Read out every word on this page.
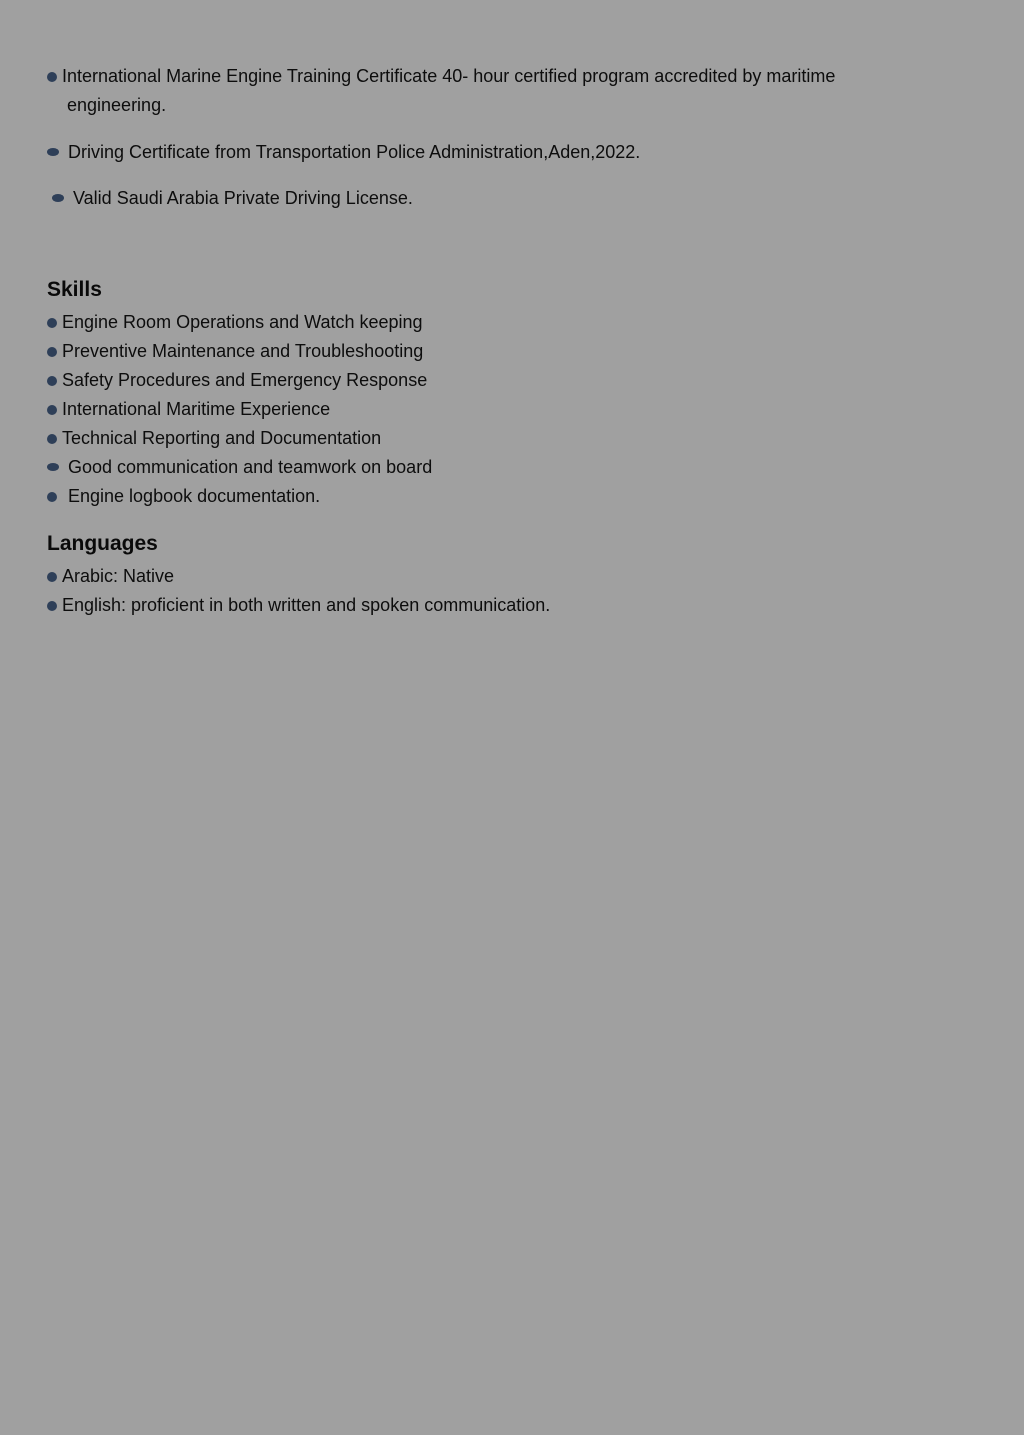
International Marine Engine Training Certificate 40- hour certified program accredited by maritime
engineering.
Driving Certificate from Transportation Police Administration,Aden,2022.
Valid Saudi Arabia Private Driving License.
Skills
Engine Room Operations and Watch keeping
Preventive Maintenance and Troubleshooting
Safety Procedures and Emergency Response
International Maritime Experience
Technical Reporting and Documentation
Good communication and teamwork on board
Engine logbook documentation.
Languages
Arabic: Native
English: proficient in both written and spoken communication.
